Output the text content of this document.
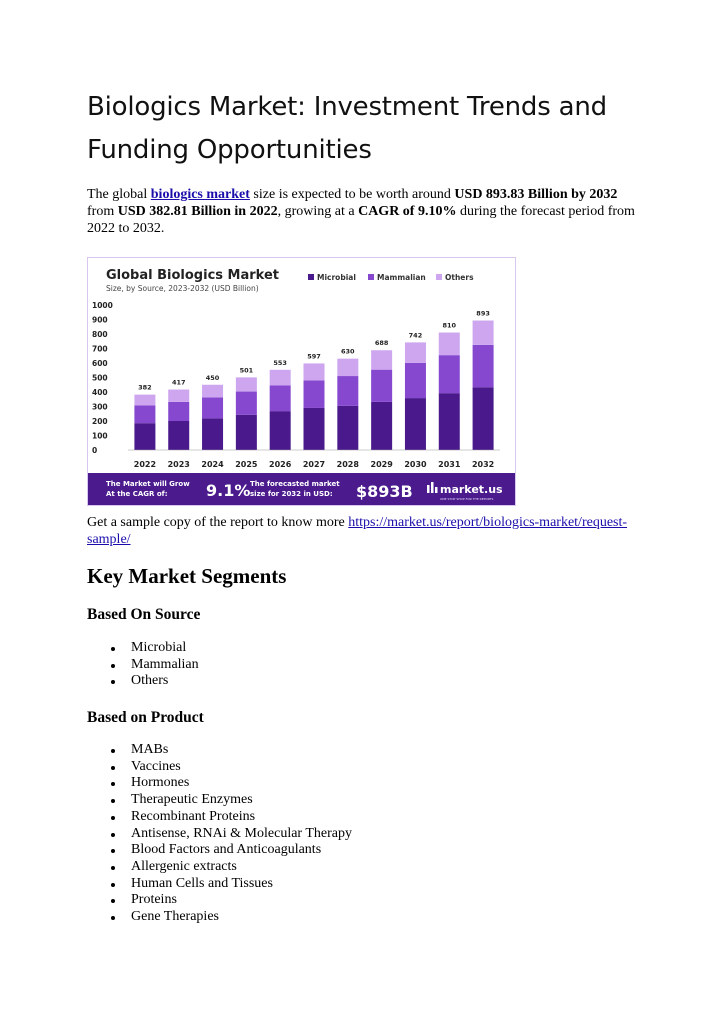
Biologics Market: Investment Trends and Funding Opportunities

The global biologics market size is expected to be worth around USD 893.83 Billion by 2032 from USD 382.81 Billion in 2022, growing at a CAGR of 9.10% during the forecast period from 2022 to 2032.

Global Biologics Market
Size, by Source, 2023-2032 (USD Billion)
Microbial	Mammalian	Others
0
100
200
300
400
500
600
700
800
900
1000
382
417
450
501
553
597
630
688
742
810
893
2022 2023 2024 2025 2026 2027 2028 2029 2030 2031 2032
The Market will Grow
At the CAGR of: 9.1% The forecasted market
size for 2032 in USD: $893B market.us
ONE STOP SHOP FOR THE REPORTS

Get a sample copy of the report to know more https://market.us/report/biologics-market/request-sample/

Key Market Segments
Based On Source
Microbial
Mammalian
Others
Based on Product
MABs
Vaccines
Hormones
Therapeutic Enzymes
Recombinant Proteins
Antisense, RNAi & Molecular Therapy
Blood Factors and Anticoagulants
Allergenic extracts
Human Cells and Tissues
Proteins
Gene Therapies
